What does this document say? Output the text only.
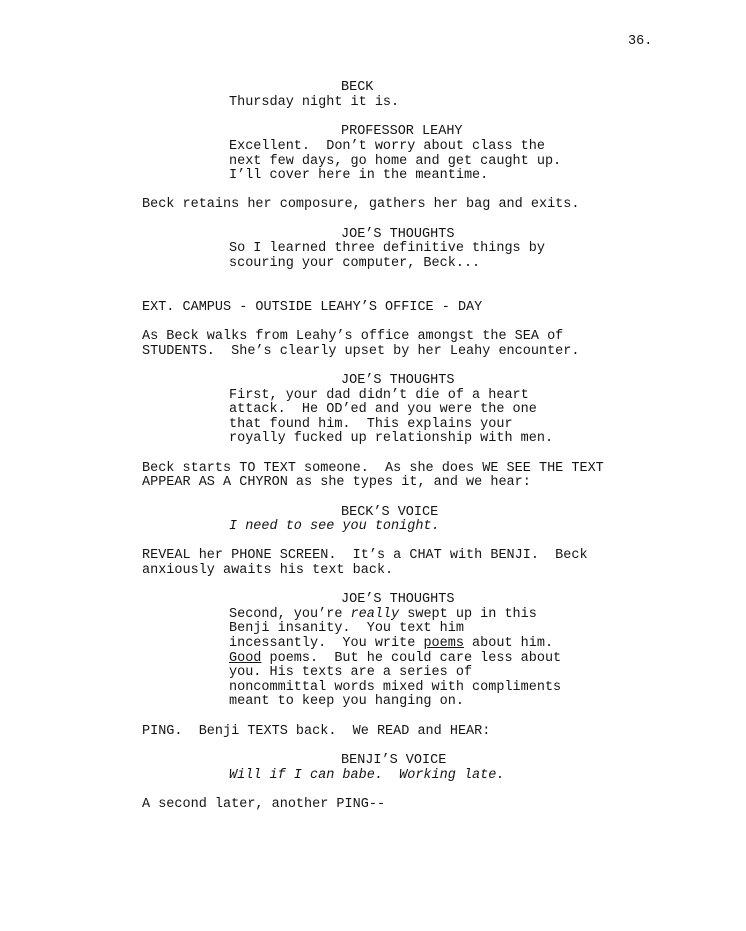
36.
BECK
Thursday night it is.
PROFESSOR LEAHY
Excellent.  Don’t worry about class the
next few days, go home and get caught up.
I’ll cover here in the meantime.
Beck retains her composure, gathers her bag and exits.
JOE’S THOUGHTS
So I learned three definitive things by
scouring your computer, Beck...
EXT. CAMPUS - OUTSIDE LEAHY’S OFFICE - DAY
As Beck walks from Leahy’s office amongst the SEA of
STUDENTS.  She’s clearly upset by her Leahy encounter.
JOE’S THOUGHTS
First, your dad didn’t die of a heart
attack.  He OD’ed and you were the one
that found him.  This explains your
royally fucked up relationship with men.
Beck starts TO TEXT someone.  As she does WE SEE THE TEXT
APPEAR AS A CHYRON as she types it, and we hear:
BECK’S VOICE
I need to see you tonight.
REVEAL her PHONE SCREEN.  It’s a CHAT with BENJI.  Beck
anxiously awaits his text back.
JOE’S THOUGHTS
Second, you’re really swept up in this
Benji insanity.  You text him
incessantly.  You write poems about him.
Good poems.  But he could care less about
you. His texts are a series of
noncommittal words mixed with compliments
meant to keep you hanging on.
PING.  Benji TEXTS back.  We READ and HEAR:
BENJI’S VOICE
Will if I can babe.  Working late.
A second later, another PING--
